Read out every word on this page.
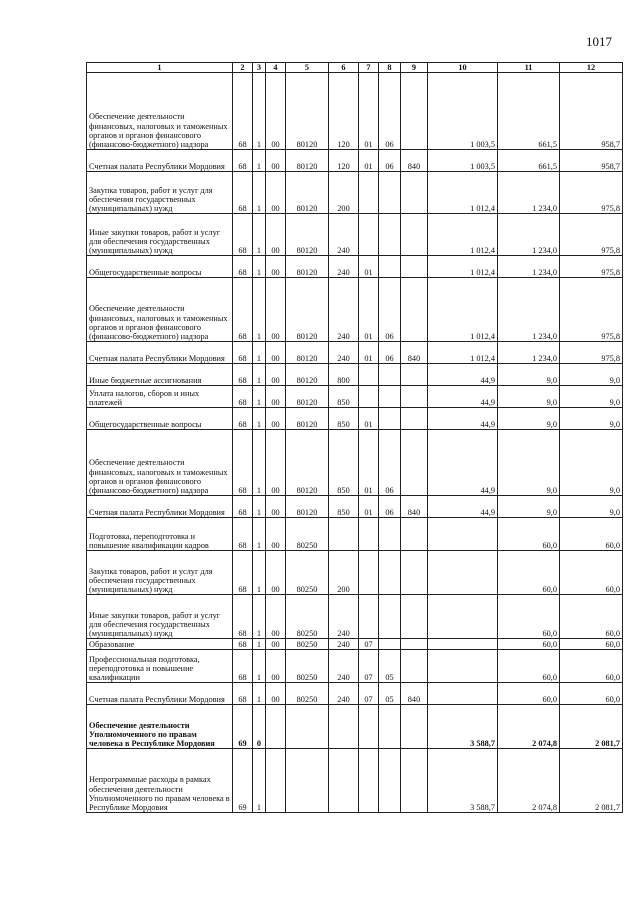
1017
1	2	3	4	5	6	7	8	9	10	11	12
Обеспечение деятельности финансовых, налоговых и таможенных органов и органов финансового (финансово-бюджетного) надзора	68	1	00	80120	120	01	06		1 003,5	661,5	958,7
Счетная палата Республики Мордовия	68	1	00	80120	120	01	06	840	1 003,5	661,5	958,7
Закупка товаров, работ и услуг для обеспечения государственных (муниципальных) нужд	68	1	00	80120	200				1 012,4	1 234,0	975,8
Иные закупки товаров, работ и услуг для обеспечения государственных (муниципальных) нужд	68	1	00	80120	240				1 012,4	1 234,0	975,8
Общегосударственные вопросы	68	1	00	80120	240	01			1 012,4	1 234,0	975,8
Обеспечение деятельности финансовых, налоговых и таможенных органов и органов финансового (финансово-бюджетного) надзора	68	1	00	80120	240	01	06		1 012,4	1 234,0	975,8
Счетная палата Республики Мордовия	68	1	00	80120	240	01	06	840	1 012,4	1 234,0	975,8
Иные бюджетные ассигнования	68	1	00	80120	800				44,9	9,0	9,0
Уплата налогов, сборов и иных платежей	68	1	00	80120	850				44,9	9,0	9,0
Общегосударственные вопросы	68	1	00	80120	850	01			44,9	9,0	9,0
Обеспечение деятельности финансовых, налоговых и таможенных органов и органов финансового (финансово-бюджетного) надзора	68	1	00	80120	850	01	06		44,9	9,0	9,0
Счетная палата Республики Мордовия	68	1	00	80120	850	01	06	840	44,9	9,0	9,0
Подготовка, переподготовка и повышение квалификации кадров	68	1	00	80250						60,0	60,0
Закупка товаров, работ и услуг для обеспечения государственных (муниципальных) нужд	68	1	00	80250	200					60,0	60,0
Иные закупки товаров, работ и услуг для обеспечения государственных (муниципальных) нужд	68	1	00	80250	240					60,0	60,0
Образование	68	1	00	80250	240	07				60,0	60,0
Профессиональная подготовка, переподготовка и повышение квалификации	68	1	00	80250	240	07	05			60,0	60,0
Счетная палата Республики Мордовия	68	1	00	80250	240	07	05	840		60,0	60,0
Обеспечение деятельности Уполномоченного по правам человека в Республике Мордовия	69	0							3 588,7	2 074,8	2 081,7
Непрограммные расходы в рамках обеспечения деятельности Уполномоченного по правам человека в Республике Мордовия	69	1							3 588,7	2 074,8	2 081,7
